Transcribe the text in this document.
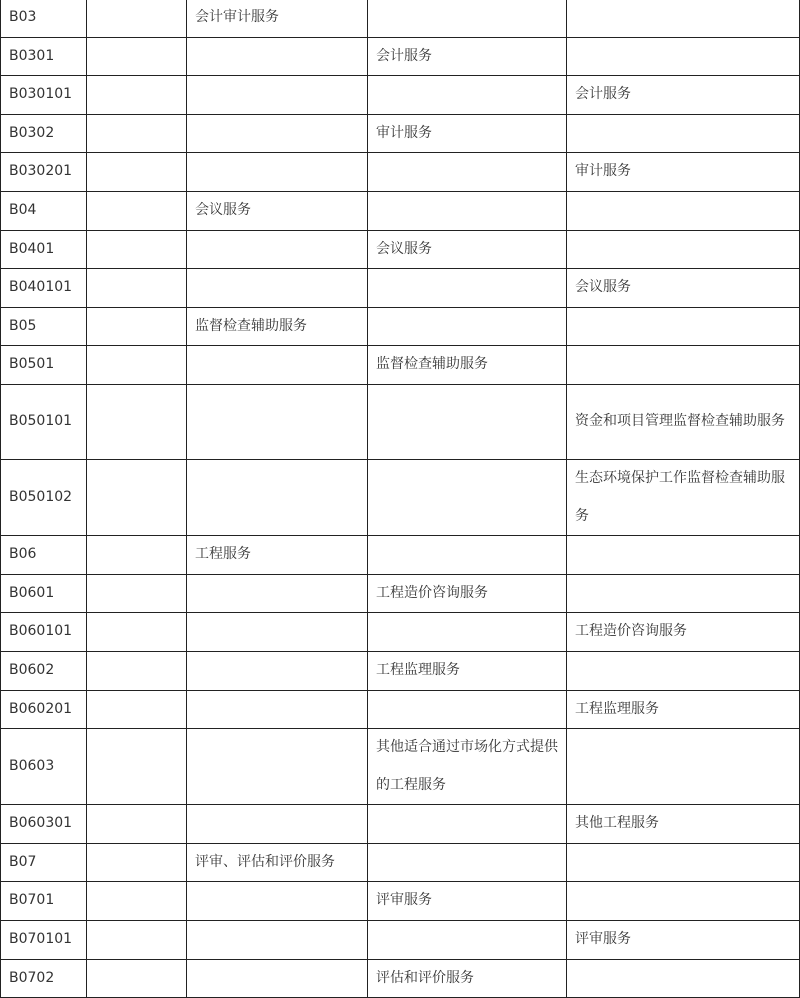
B03		会计审计服务		
B0301			会计服务	
B030101				会计服务
B0302			审计服务	
B030201				审计服务
B04		会议服务		
B0401			会议服务	
B040101				会议服务
B05		监督检查辅助服务		
B0501			监督检查辅助服务	
B050101				资金和项目管理监督检查辅助服务
B050102				生态环境保护工作监督检查辅助服务
B06		工程服务		
B0601			工程造价咨询服务	
B060101				工程造价咨询服务
B0602			工程监理服务	
B060201				工程监理服务
B0603			其他适合通过市场化方式提供的工程服务	
B060301				其他工程服务
B07		评审、评估和评价服务		
B0701			评审服务	
B070101				评审服务
B0702			评估和评价服务	
